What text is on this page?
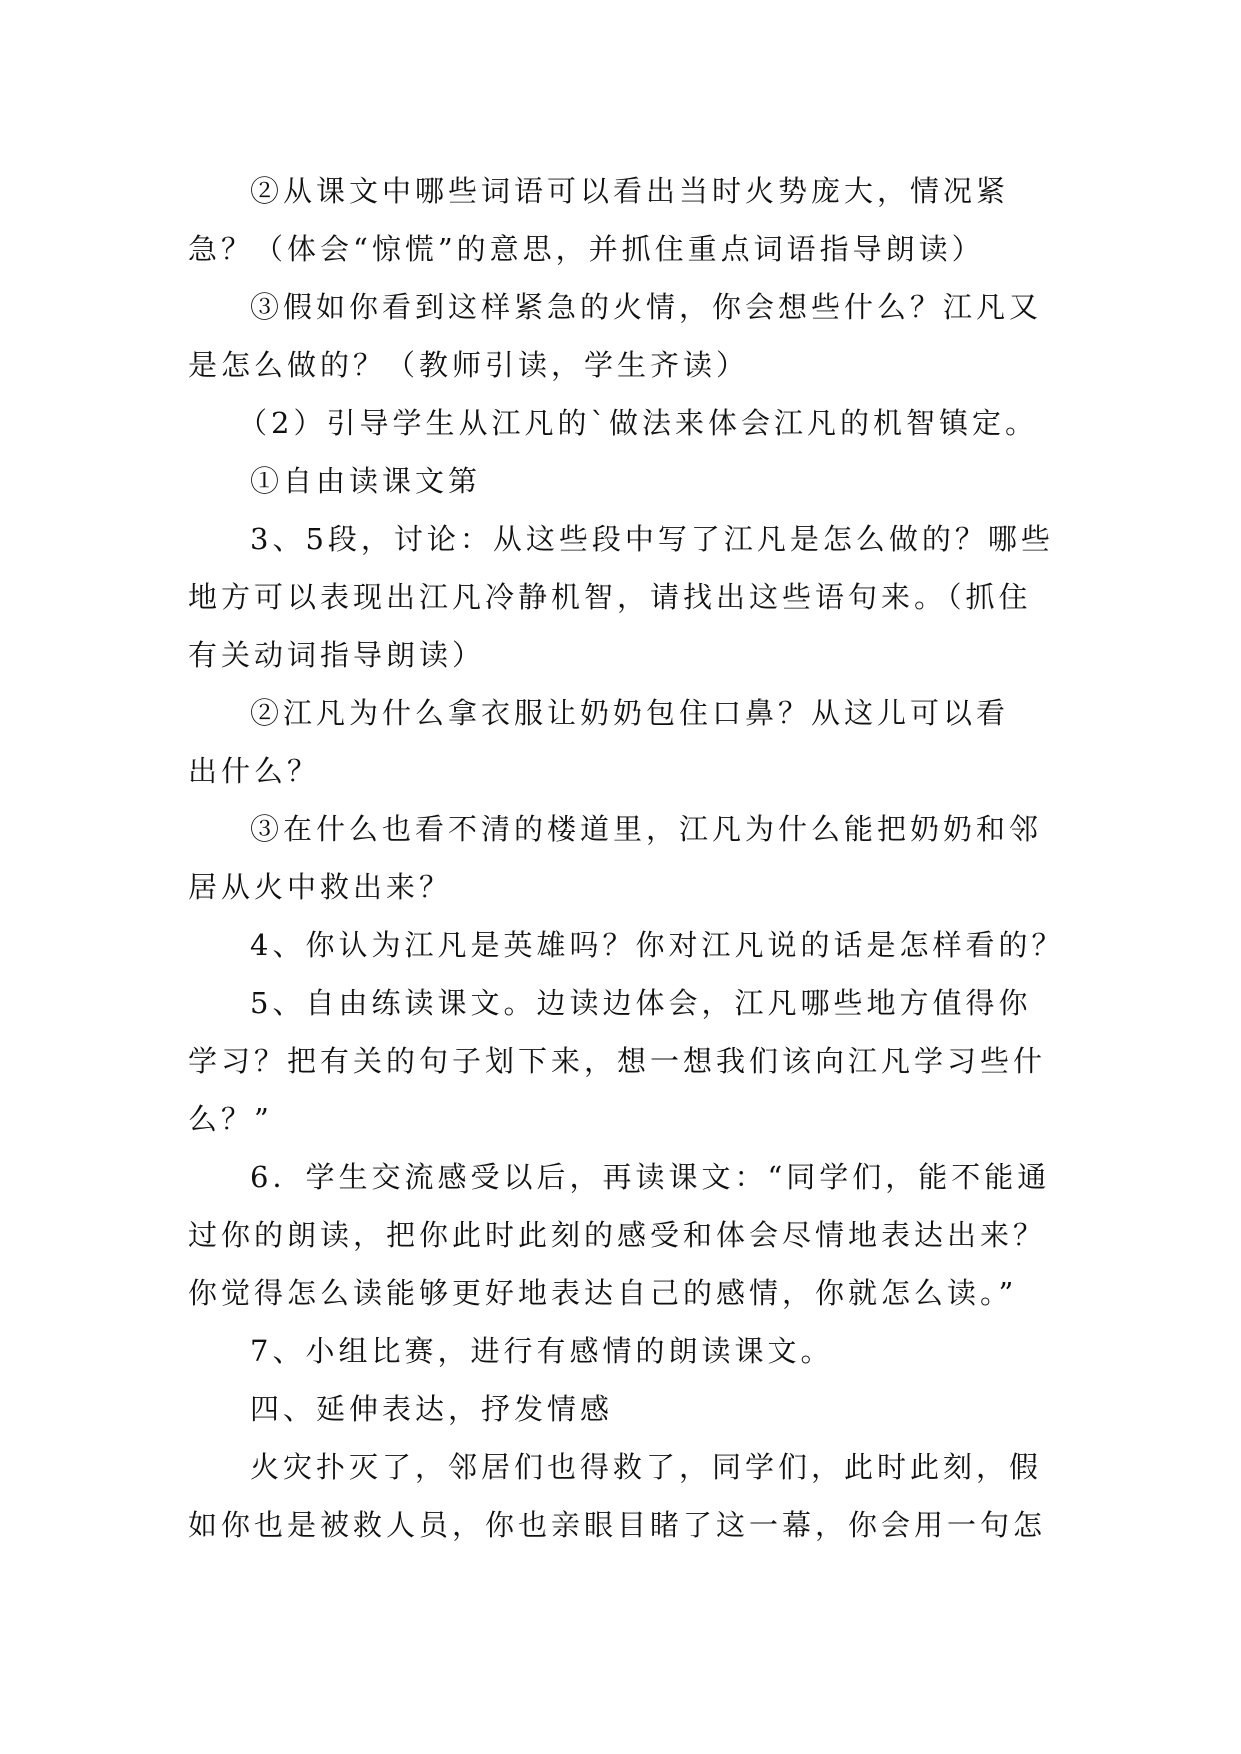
②从课文中哪些词语可以看出当时火势庞大，情况紧
急？（体会“惊慌”的意思，并抓住重点词语指导朗读）

③假如你看到这样紧急的火情，你会想些什么？江凡又
是怎么做的？（教师引读，学生齐读）

（2）引导学生从江凡的`做法来体会江凡的机智镇定。

①自由读课文第

3、5段，讨论：从这些段中写了江凡是怎么做的？哪些
地方可以表现出江凡冷静机智，请找出这些语句来。（抓住
有关动词指导朗读）

②江凡为什么拿衣服让奶奶包住口鼻？从这儿可以看
出什么？

③在什么也看不清的楼道里，江凡为什么能把奶奶和邻
居从火中救出来？

4、你认为江凡是英雄吗？你对江凡说的话是怎样看的？

5、自由练读课文。边读边体会，江凡哪些地方值得你
学习？把有关的句子划下来，想一想我们该向江凡学习些什
么？”

6．学生交流感受以后，再读课文：“同学们，能不能通
过你的朗读，把你此时此刻的感受和体会尽情地表达出来？
你觉得怎么读能够更好地表达自己的感情，你就怎么读。”

7、小组比赛，进行有感情的朗读课文。

四、延伸表达，抒发情感

火灾扑灭了，邻居们也得救了，同学们，此时此刻，假
如你也是被救人员，你也亲眼目睹了这一幕，你会用一句怎
